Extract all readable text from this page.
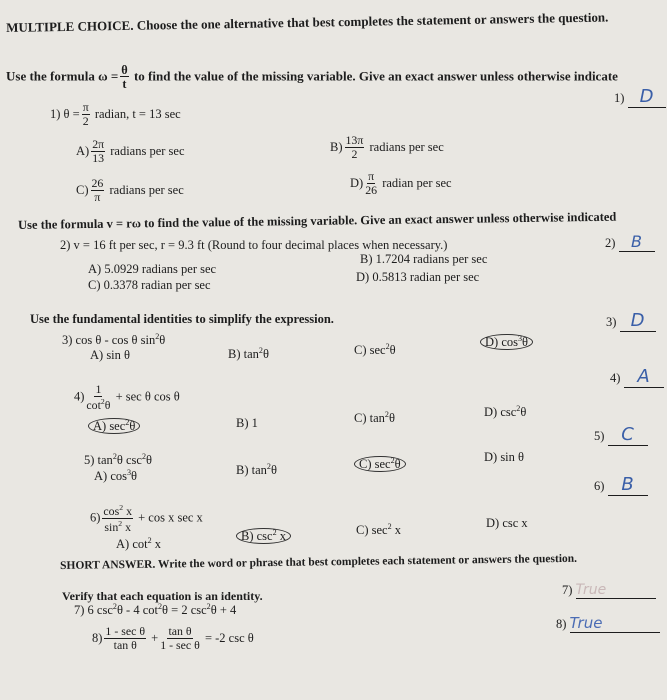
MULTIPLE CHOICE. Choose the one alternative that best completes the statement or answers the question.
Use the formula $\omega = \frac{\theta}{t}$ to find the value of the missing variable. Give an exact answer unless otherwise indicate
1) D
1) $\theta = \frac{\pi}{2}$ radian, t = 13 sec
$A) \frac{2\pi}{13}$ radians per sec	$B) \frac{13\pi}{2}$ radians per sec
$C) \frac{26}{\pi}$ radians per sec	$D) \frac{\pi}{26}$ radian per sec
Use the formula v = rω to find the value of the missing variable. Give an exact answer unless otherwise indicated
2) B
2) v = 16 ft per sec, r = 9.3 ft (Round to four decimal places when necessary.)
A) 5.0929 radians per sec
B) 1.7204 radians per sec
C) 0.3378 radian per sec
D) 0.5813 radian per sec
Use the fundamental identities to simplify the expression.	3) D
3) cos θ - cos θ $\sin^2\theta$
A) sin θ	B) $\tan^2\theta$	C) $\sec^2\theta$
D) $\cos^3\theta$
4) A
$4) \frac{1}{\cot^2\theta} + \sec \theta$ cos θ
A) $\sec^2\theta$	B) 1	C) $\tan^2\theta$	D) $\csc^2\theta$
5) C
5) $\tan^2\theta$ $\csc^2\theta$
A) $\cos^3\theta$	B) $\tan^2\theta$	C) $\sec^2\theta$
D) sin θ
6) B
$6) \frac{\cos^2 x}{\sin^2 x} + \cos x$ sec x
A) $\cot^2 x$
B) $\csc^2 x$	C) $\sec^2 x$
D) csc x
SHORT ANSWER. Write the word or phrase that best completes each statement or answers the question.
Verify that each equation is an identity.	7) True
7) 6 $\csc^2\theta - 4$ $\cot^2\theta = 2$ $\csc^2\theta + 4$
8) True
$8) \frac{\text{1 - sec θ}}{\text{tan θ}} + \frac{\text{tan θ}}{\text{1 - sec θ}} = -2$ csc θ
